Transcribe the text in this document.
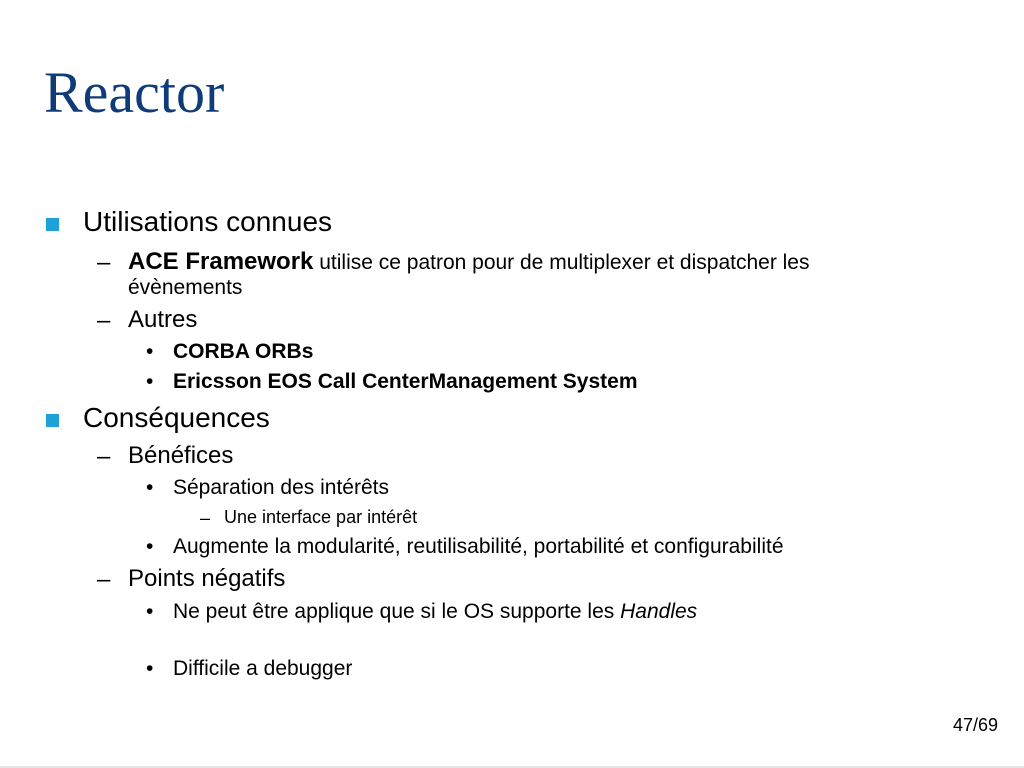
Reactor
Utilisations connues
– ACE Framework utilise ce patron pour de multiplexer et dispatcher les
évènements
– Autres
• CORBA ORBs
• Ericsson EOS Call CenterManagement System
Conséquences
– Bénéfices
• Séparation des intérêts
– Une interface par intérêt
• Augmente la modularité, reutilisabilité, portabilité et configurabilité
– Points négatifs
• Ne peut être applique que si le OS supporte les Handles
• Difficile a debugger
47/69
